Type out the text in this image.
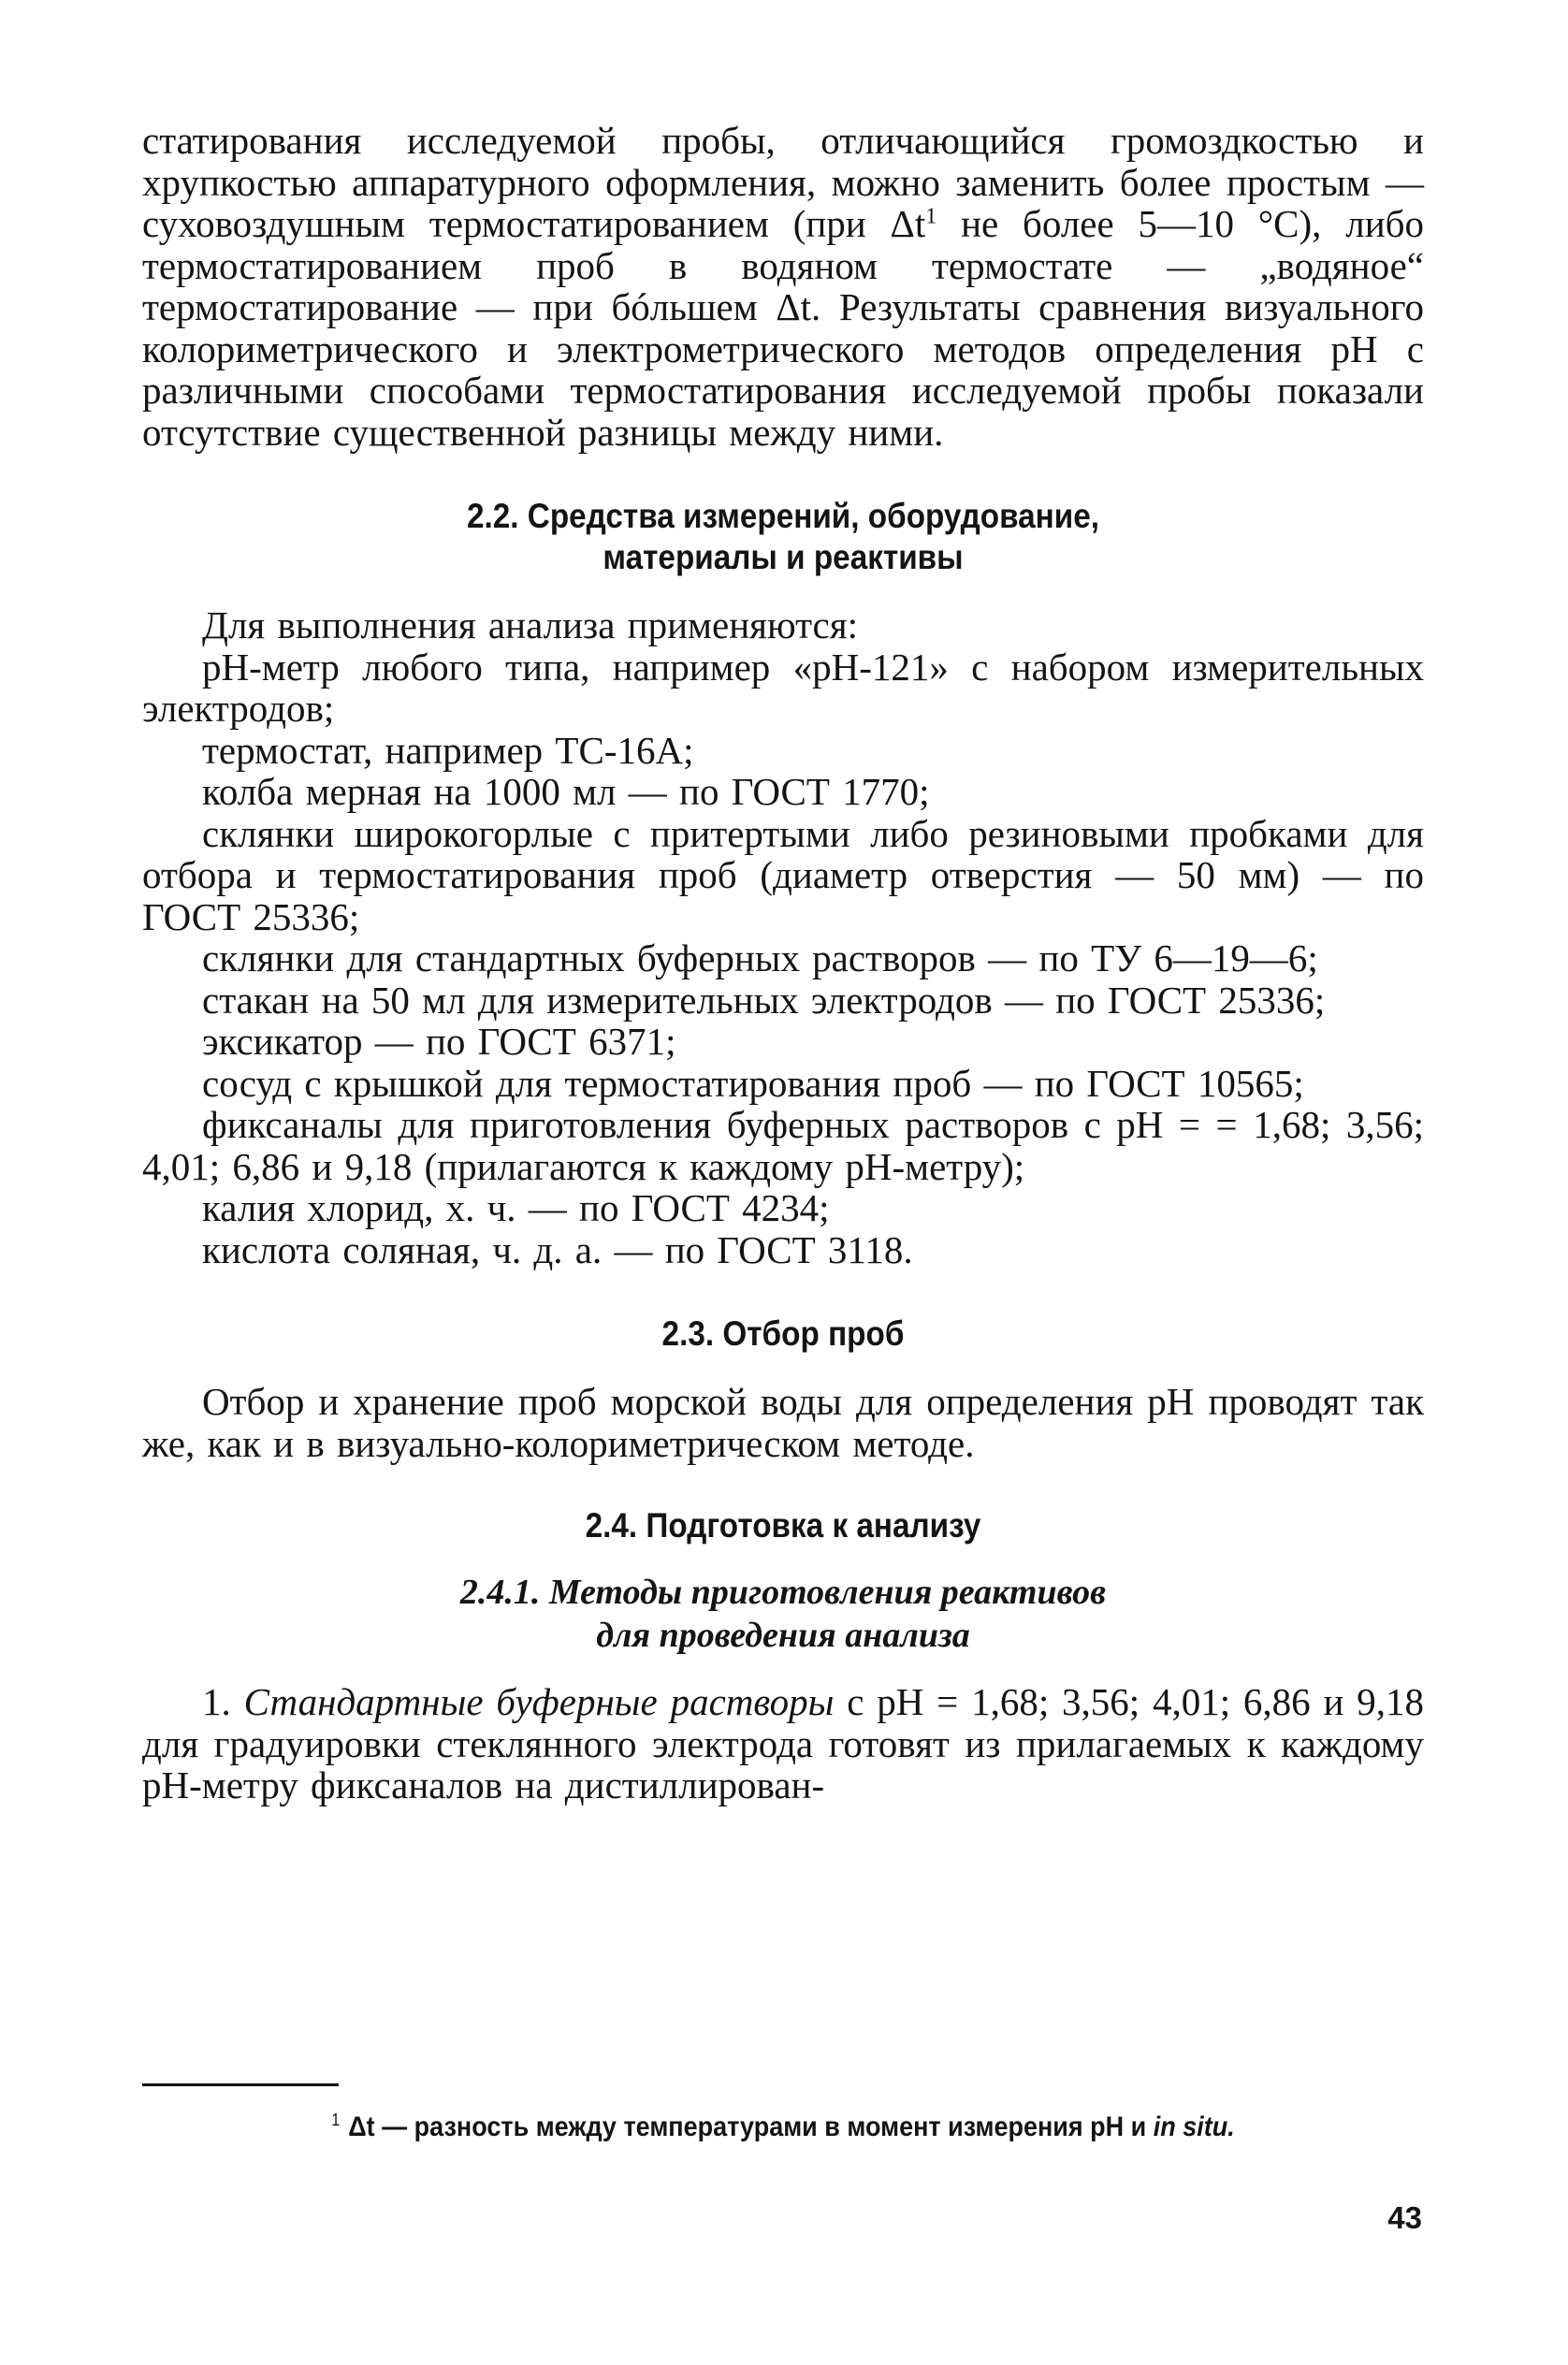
статирования исследуемой пробы, отличающийся громоздкостью и хрупкостью аппаратурного оформления, можно заменить более простым — суховоздушным термостатированием (при Δt$^1$ не более 5—10 °С), либо термостатированием проб в водяном термостате — „водяное“ термостатирование — при бóльшем Δt. Результаты сравнения визуального колориметрического и электрометрического методов определения рН с различными способами термостатирования исследуемой пробы показали отсутствие существенной разницы между ними.

2.2. Средства измерений, оборудование,
материалы и реактивы

Для выполнения анализа применяются:

рН-метр любого типа, например «рН-121» с набором измерительных электродов;

термостат, например ТС-16А;

колба мерная на 1000 мл — по ГОСТ 1770;

склянки широкогорлые с притертыми либо резиновыми пробками для отбора и термостатирования проб (диаметр отверстия — 50 мм) — по ГОСТ 25336;

склянки для стандартных буферных растворов — по ТУ 6—19—6;

стакан на 50 мл для измерительных электродов — по ГОСТ 25336;

эксикатор — по ГОСТ 6371;

сосуд с крышкой для термостатирования проб — по ГОСТ 10565;

фиксаналы для приготовления буферных растворов с рН = = 1,68; 3,56; 4,01; 6,86 и 9,18 (прилагаются к каждому рН-метру);

калия хлорид, х. ч. — по ГОСТ 4234;

кислота соляная, ч. д. а. — по ГОСТ 3118.

2.3. Отбор проб

Отбор и хранение проб морской воды для определения рН проводят так же, как и в визуально-колориметрическом методе.

2.4. Подготовка к анализу
2.4.1. Методы приготовления реактивов
для проведения анализа

1. Стандартные буферные растворы с рН = 1,68; 3,56; 4,01; 6,86 и 9,18 для градуировки стеклянного электрода готовят из прилагаемых к каждому рН-метру фиксаналов на дистиллирован-

$^1$ Δt — разность между температурами в момент измерения рН и in situ.
43
